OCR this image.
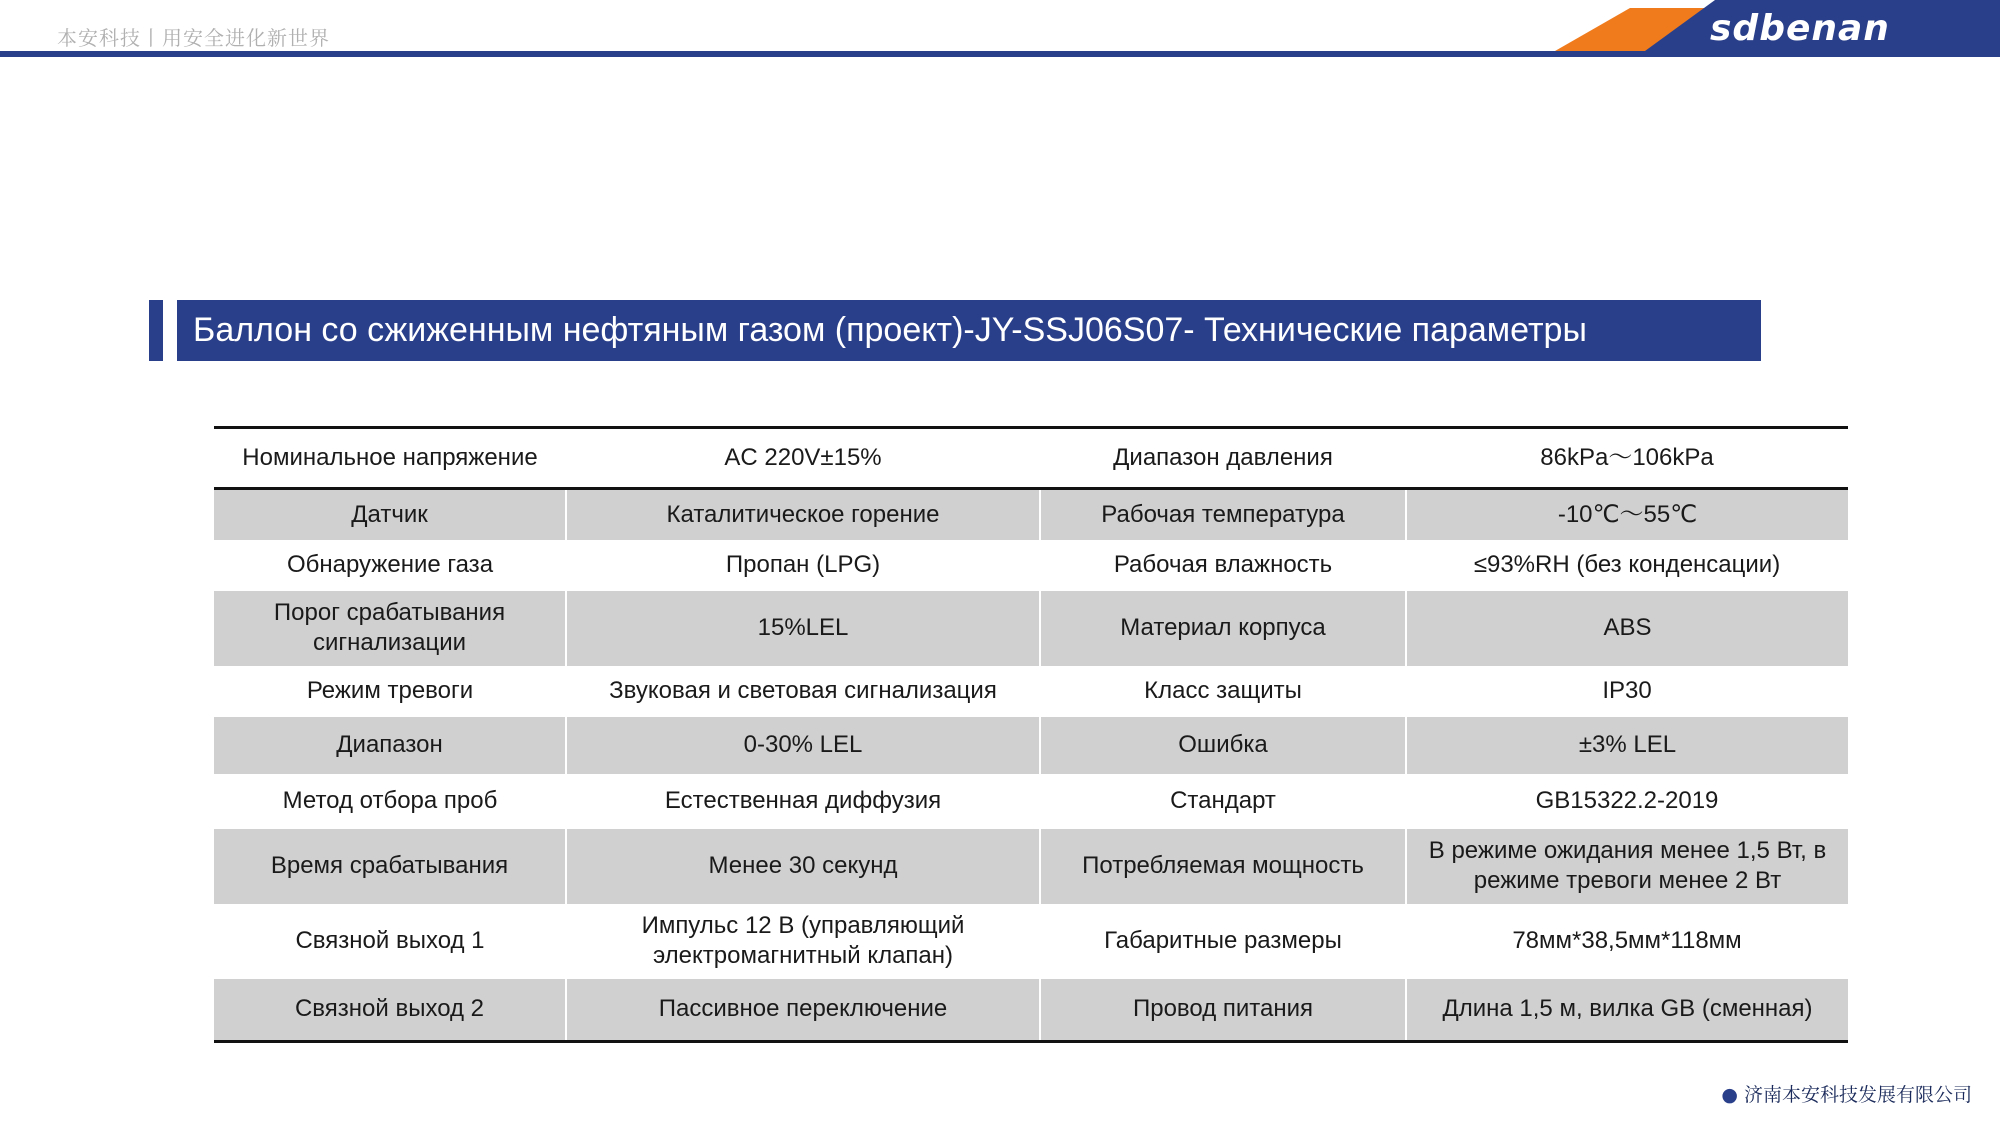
本安科技丨用安全进化新世界	sdbenan
Баллон со сжиженным нефтяным газом (проект)-JY-SSJ06S07- Технические параметры
Номинальное напряжение	AC 220V±15%	Диапазон давления	86kPa～106kPa
Датчик	Каталитическое горение	Рабочая температура	-10℃～55℃
Обнаружение газа	Пропан (LPG)	Рабочая влажность	≤93%RH (без конденсации)
Порог срабатывания сигнализации	15%LEL	Материал корпуса	ABS
Режим тревоги	Звуковая и световая сигнализация	Класс защиты	IP30
Диапазон	0-30% LEL	Ошибка	±3% LEL
Метод отбора проб	Естественная диффузия	Стандарт	GB15322.2-2019
Время срабатывания	Менее 30 секунд	Потребляемая мощность	В режиме ожидания менее 1,5 Вт, в режиме тревоги менее 2 Вт
Связной выход 1	Импульс 12 В (управляющий электромагнитный клапан)	Габаритные размеры	78мм*38,5мм*118мм
Связной выход 2	Пассивное переключение	Провод питания	Длина 1,5 м, вилка GB (сменная)
● 济南本安科技发展有限公司
